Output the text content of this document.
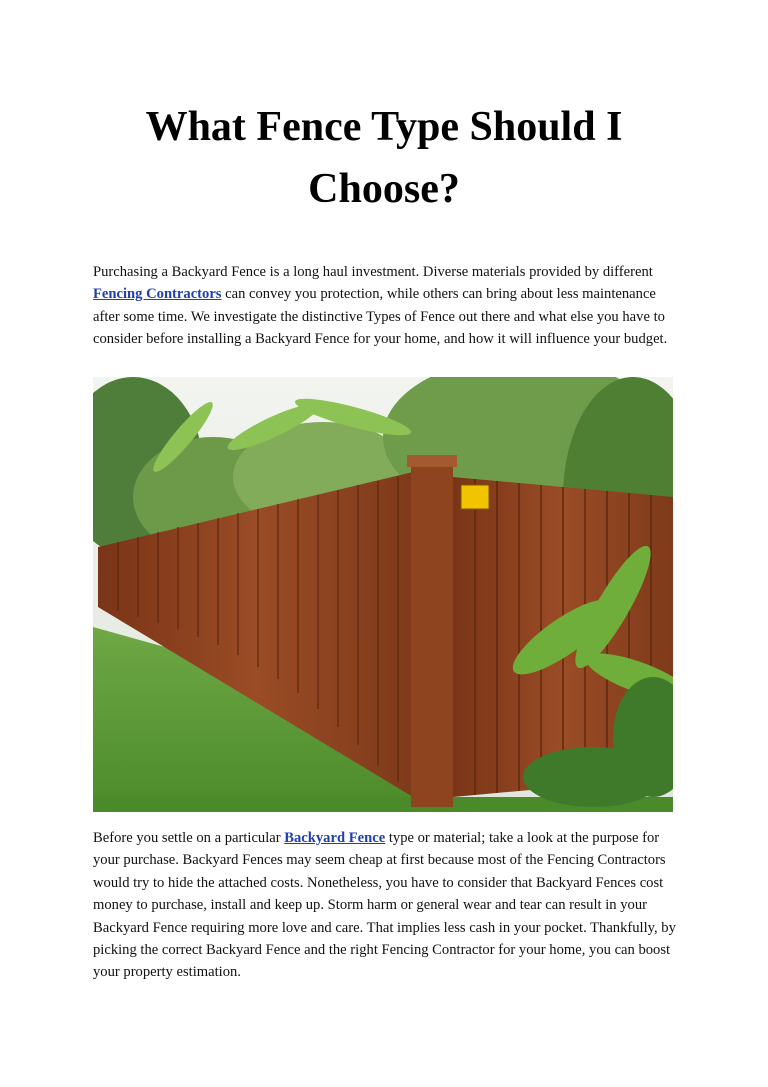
What Fence Type Should I Choose?

Purchasing a Backyard Fence is a long haul investment. Diverse materials provided by different Fencing Contractors can convey you protection, while others can bring about less maintenance after some time. We investigate the distinctive Types of Fence out there and what else you have to consider before installing a Backyard Fence for your home, and how it will influence your budget.

Before you settle on a particular Backyard Fence type or material; take a look at the purpose for your purchase. Backyard Fences may seem cheap at first because most of the Fencing Contractors would try to hide the attached costs. Nonetheless, you have to consider that Backyard Fences cost money to purchase, install and keep up. Storm harm or general wear and tear can result in your Backyard Fence requiring more love and care. That implies less cash in your pocket. Thankfully, by picking the correct Backyard Fence and the right Fencing Contractor for your home, you can boost your property estimation.
